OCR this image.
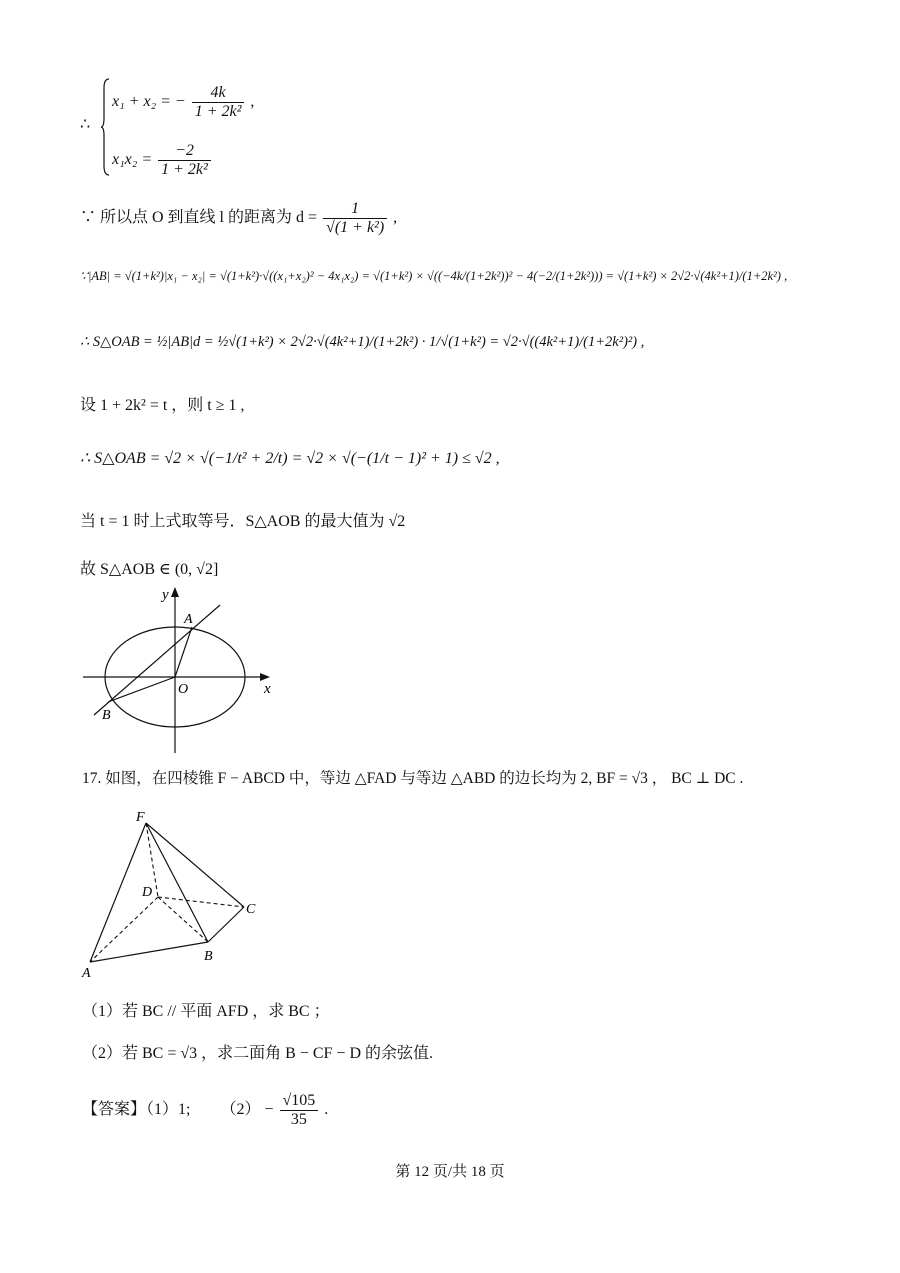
∴
x₁ + x₂ = − $\frac{4k}{\text{1 + 2k²}}$ ,
$x_1x_2 = \frac{-2}{\text{1 + 2k²}}$
∵ 所以点 O 到直线 l 的距离为 $d = \frac{1}{\text{√(1 + k²)}}$ ,
∵|AB| = √(1+k²)|x₁ − x₂| = √(1+k²)·√((x₁+x₂)² − 4x₁x₂) = √(1+k²) × √((−4k/(1+2k²))² − 4(−2/(1+2k²))) = √(1+k²) × 2√2·√(4k²+1)/(1+2k²) ,
∴ S△OAB = ½|AB|d = ½√(1+k²) × 2√2·√(4k²+1)/(1+2k²) · 1/√(1+k²) = √2·√((4k²+1)/(1+2k²)²) ,
设 1 + 2k² = t ，则 t ≥ 1 ,
∴ S△OAB = √2 × √(−1/t² + 2/t) = √2 × √(−(1/t − 1)² + 1) ≤ √2 ,
当 t = 1 时上式取等号．S△AOB 的最大值为 √2
故 S△AOB ∈ (0, √2]
y
x
A
B
O
17. 如图，在四棱锥 F − ABCD 中，等边 △FAD 与等边 △ABD 的边长均为 2, BF = √3 ， BC ⊥ DC .
F
D
C
A
B
（1）若 BC // 平面 AFD ，求 BC ；
（2）若 BC = √3 ，求二面角 B − CF − D 的余弦值.
【答案】（1）1; $(2) - \frac{√105}{35}$ .
第 12 页/共 18 页
